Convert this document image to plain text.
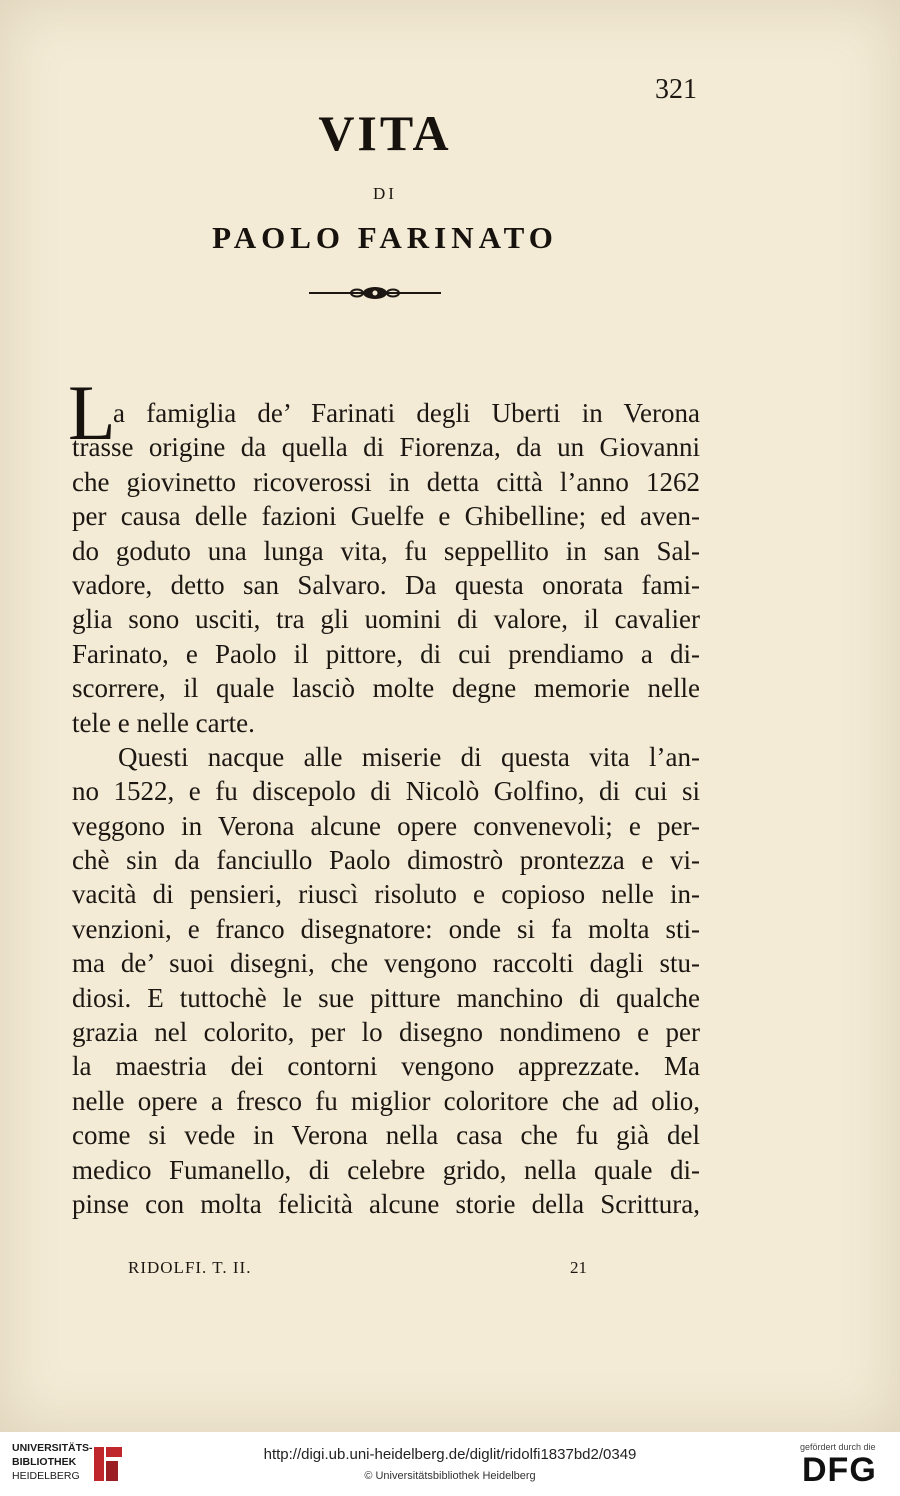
321
VITA
DI
PAOLO FARINATO
L
a famiglia de’ Farinati degli Uberti in Verona
trasse origine da quella di Fiorenza, da un Giovanni
che giovinetto ricoverossi in detta città l’anno 1262
per causa delle fazioni Guelfe e Ghibelline; ed aven-
do goduto una lunga vita, fu seppellito in san Sal-
vadore, detto san Salvaro. Da questa onorata fami-
glia sono usciti, tra gli uomini di valore, il cavalier
Farinato, e Paolo il pittore, di cui prendiamo a di-
scorrere, il quale lasciò molte degne memorie nelle
tele e nelle carte.
Questi nacque alle miserie di questa vita l’an-
no 1522, e fu discepolo di Nicolò Golfino, di cui si
veggono in Verona alcune opere convenevoli; e per-
chè sin da fanciullo Paolo dimostrò prontezza e vi-
vacità di pensieri, riuscì risoluto e copioso nelle in-
venzioni, e franco disegnatore: onde si fa molta sti-
ma de’ suoi disegni, che vengono raccolti dagli stu-
diosi. E tuttochè le sue pitture manchino di qualche
grazia nel colorito, per lo disegno nondimeno e per
la maestria dei contorni vengono apprezzate. Ma
nelle opere a fresco fu miglior coloritore che ad olio,
come si vede in Verona nella casa che fu già del
medico Fumanello, di celebre grido, nella quale di-
pinse con molta felicità alcune storie della Scrittura,
RIDOLFI. T. II.	21
UNIVERSITÄTS-
BIBLIOTHEK
HEIDELBERG
http://digi.ub.uni-heidelberg.de/diglit/ridolfi1837bd2/0349
© Universitätsbibliothek Heidelberg
gefördert durch die
DFG
